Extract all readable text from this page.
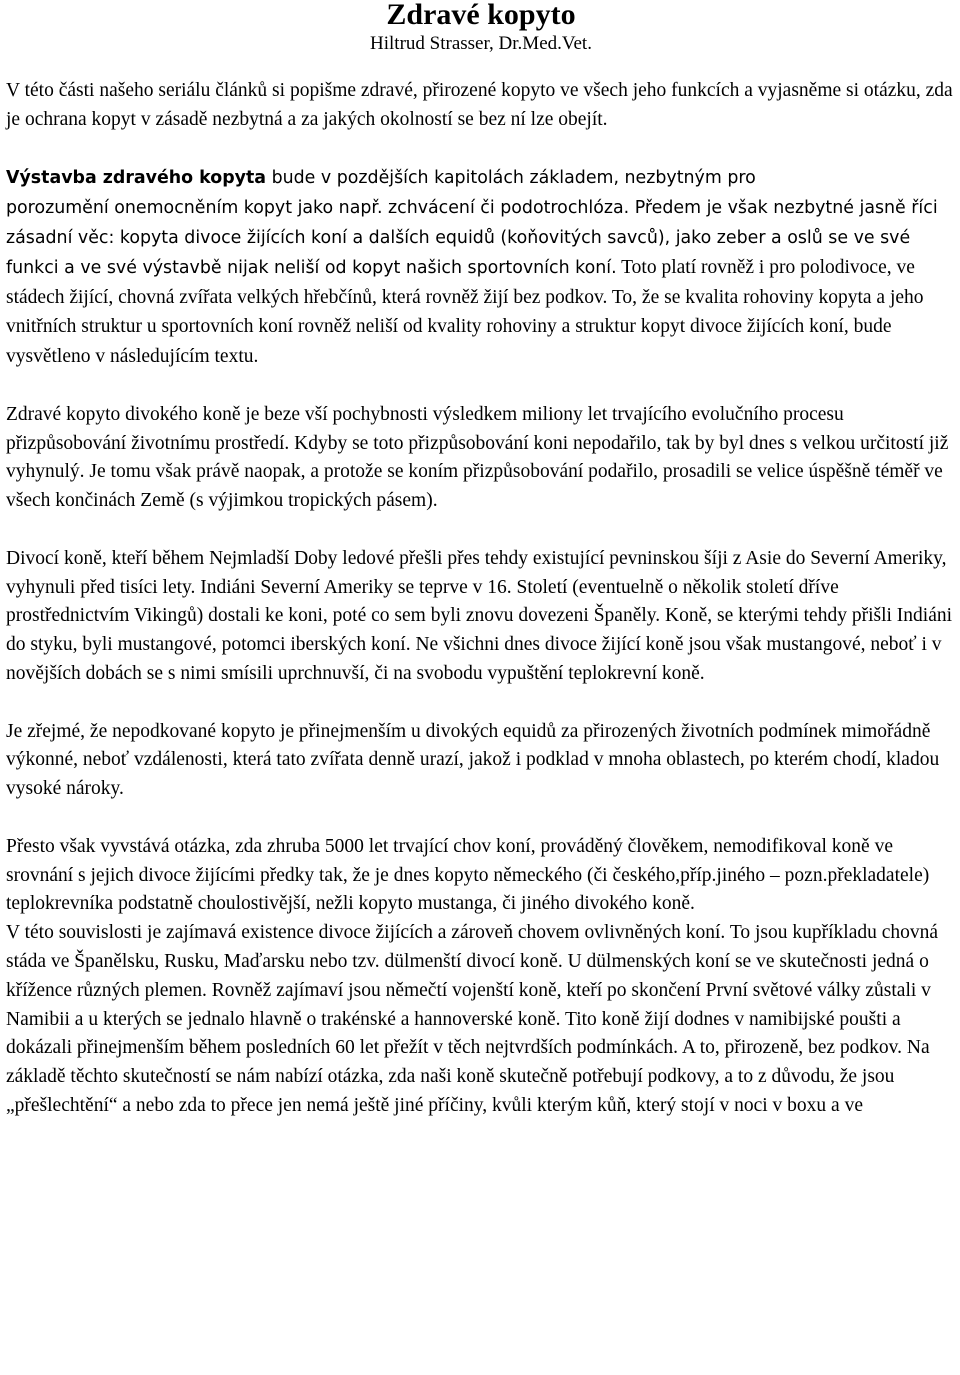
Zdravé kopyto
Hiltrud Strasser, Dr.Med.Vet.

V této části našeho seriálu článků si popišme zdravé, přirozené kopyto ve všech jeho funkcích a vyjasněme si otázku, zda je ochrana kopyt v zásadě nezbytná a za jakých okolností se bez ní lze obejít.

Výstavba zdravého kopyta bude v pozdějších kapitolách základem, nezbytným pro
porozumění onemocněním kopyt jako např. zchvácení či podotrochlóza. Předem je však nezbytné jasně říci zásadní věc: kopyta divoce žijících koní a dalších equidů (koňovitých savců), jako zeber a oslů se ve své funkci a ve své výstavbě nijak neliší od kopyt našich sportovních koní. Toto platí rovněž i pro polodivoce, ve stádech žijící, chovná zvířata velkých hřebčínů, která rovněž žijí bez podkov. To, že se kvalita rohoviny kopyta a jeho vnitřních struktur u sportovních koní rovněž neliší od kvality rohoviny a struktur kopyt divoce žijících koní, bude vysvětleno v následujícím textu.

Zdravé kopyto divokého koně je beze vší pochybnosti výsledkem miliony let trvajícího evolučního procesu přizpůsobování životnímu prostředí. Kdyby se toto přizpůsobování koni nepodařilo, tak by byl dnes s velkou určitostí již vyhynulý. Je tomu však právě naopak, a protože se koním přizpůsobování podařilo, prosadili se velice úspěšně téměř ve všech končinách Země (s výjimkou tropických pásem).

Divocí koně, kteří během Nejmladší Doby ledové přešli přes tehdy existující pevninskou šíji z Asie do Severní Ameriky, vyhynuli před tisíci lety. Indiáni Severní Ameriky se teprve v 16. Století (eventuelně o několik století dříve prostřednictvím Vikingů) dostali ke koni, poté co sem byli znovu dovezeni Španěly. Koně, se kterými tehdy přišli Indiáni do styku, byli mustangové, potomci iberských koní. Ne všichni dnes divoce žijící koně jsou však mustangové, neboť i v novějších dobách se s nimi smísili uprchnuvší, či na svobodu vypuštění teplokrevní koně.

Je zřejmé, že nepodkované kopyto je přinejmenším u divokých equidů za přirozených životních podmínek mimořádně výkonné, neboť vzdálenosti, která tato zvířata denně urazí, jakož i podklad v mnoha oblastech, po kterém chodí, kladou vysoké nároky.

Přesto však vyvstává otázka, zda zhruba 5000 let trvající chov koní, prováděný člověkem, nemodifikoval koně ve srovnání s jejich divoce žijícími předky tak, že je dnes kopyto německého (či českého,příp.jiného – pozn.překladatele) teplokrevníka podstatně choulostivější, nežli kopyto mustanga, či jiného divokého koně.

V této souvislosti je zajímavá existence divoce žijících a zároveň chovem ovlivněných koní. To jsou kupříkladu chovná stáda ve Španělsku, Rusku, Maďarsku nebo tzv. dülmenští divocí koně. U dülmenských koní se ve skutečnosti jedná o křížence různých plemen. Rovněž zajímaví jsou němečtí vojenští koně, kteří po skončení První světové války zůstali v Namibii a u kterých se jednalo hlavně o trakénské a hannoverské koně. Tito koně žijí dodnes v namibijské poušti a dokázali přinejmenším během posledních 60 let přežít v těch nejtvrdších podmínkách. A to, přirozeně, bez podkov. Na základě těchto skutečností se nám nabízí otázka, zda naši koně skutečně potřebují podkovy, a to z důvodu, že jsou „přešlechtění“ a nebo zda to přece jen nemá ještě jiné příčiny, kvůli kterým kůň, který stojí v noci v boxu a ve
